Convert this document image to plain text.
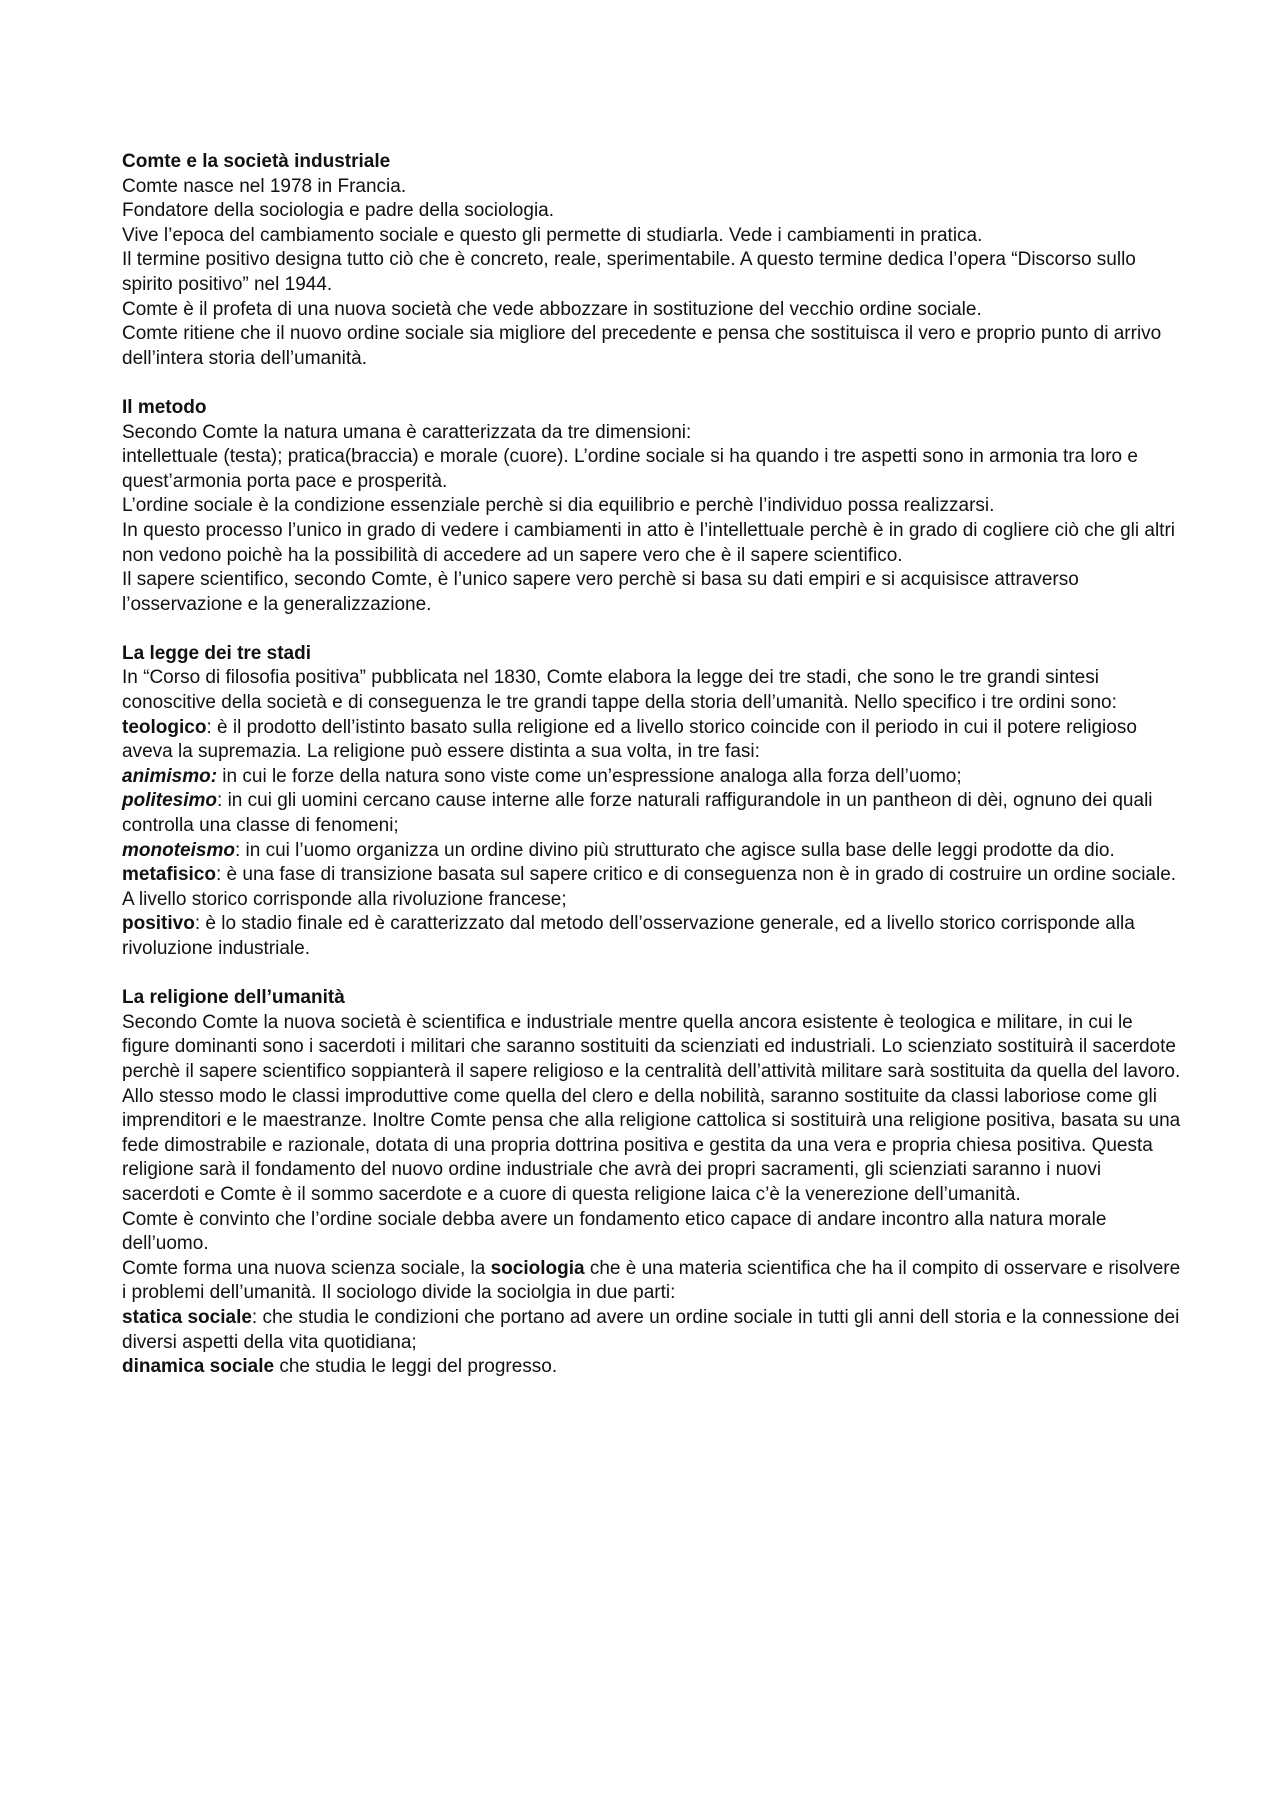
Comte e la società industriale

Comte nasce nel 1978 in Francia.

Fondatore della sociologia e padre della sociologia.

Vive l’epoca del cambiamento sociale e questo gli permette di studiarla. Vede i cambiamenti in pratica.

Il termine positivo designa tutto ciò che è concreto, reale, sperimentabile. A questo termine dedica l’opera “Discorso sullo spirito positivo” nel 1944.

Comte è il profeta di una nuova società che vede abbozzare in sostituzione del vecchio ordine sociale.

Comte ritiene che il nuovo ordine sociale sia migliore del precedente e pensa che sostituisca il vero e proprio punto di arrivo dell’intera storia dell’umanità.

Il metodo

Secondo Comte la natura umana è caratterizzata da tre dimensioni:

intellettuale (testa); pratica(braccia) e morale (cuore). L’ordine sociale si ha quando i tre aspetti sono in armonia tra loro e quest’armonia porta pace e prosperità.

L’ordine sociale è la condizione essenziale perchè si dia equilibrio e perchè l’individuo possa realizzarsi.

In questo processo l’unico in grado di vedere i cambiamenti in atto è l’intellettuale perchè è in grado di cogliere ciò che gli altri non vedono poichè ha la possibilità di accedere ad un sapere vero che è il sapere scientifico.

Il sapere scientifico, secondo Comte, è l’unico sapere vero perchè si basa su dati empiri e si acquisisce attraverso l’osservazione e la generalizzazione.

La legge dei tre stadi

In “Corso di filosofia positiva” pubblicata nel 1830, Comte elabora la legge dei tre stadi, che sono le tre grandi sintesi conoscitive della società e di conseguenza le tre grandi tappe della storia dell’umanità. Nello specifico i tre ordini sono:

teologico: è il prodotto dell’istinto basato sulla religione ed a livello storico coincide con il periodo in cui il potere religioso aveva la supremazia. La religione può essere distinta a sua volta, in tre fasi:

animismo: in cui le forze della natura sono viste come un’espressione analoga alla forza dell’uomo;

politesimo: in cui gli uomini cercano cause interne alle forze naturali raffigurandole in un pantheon di dèi, ognuno dei quali controlla una classe di fenomeni;

monoteismo: in cui l’uomo organizza un ordine divino più strutturato che agisce sulla base delle leggi prodotte da dio.

metafisico: è una fase di transizione basata sul sapere critico e di conseguenza non è in grado di costruire un ordine sociale. A livello storico corrisponde alla rivoluzione francese;

positivo: è lo stadio finale ed è caratterizzato dal metodo dell’osservazione generale, ed a livello storico corrisponde alla rivoluzione industriale.

La religione dell’umanità

Secondo Comte la nuova società è scientifica e industriale mentre quella ancora esistente è teologica e militare, in cui le figure dominanti sono i sacerdoti i militari che saranno sostituiti da scienziati ed industriali. Lo scienziato sostituirà il sacerdote perchè il sapere scientifico soppianterà il sapere religioso e la centralità dell’attività militare sarà sostituita da quella del lavoro. Allo stesso modo le classi improduttive come quella del clero e della nobilità, saranno sostituite da classi laboriose come gli imprenditori e le maestranze. Inoltre Comte pensa che alla religione cattolica si sostituirà una religione positiva, basata su una fede dimostrabile e razionale, dotata di una propria dottrina positiva e gestita da una vera e propria chiesa positiva. Questa religione sarà il fondamento del nuovo ordine industriale che avrà dei propri sacramenti, gli scienziati saranno i nuovi sacerdoti e Comte è il sommo sacerdote e a cuore di questa religione laica c’è la venerezione dell’umanità.

Comte è convinto che l’ordine sociale debba avere un fondamento etico capace di andare incontro alla natura morale dell’uomo.

Comte forma una nuova scienza sociale, la sociologia che è una materia scientifica che ha il compito di osservare e risolvere i problemi dell’umanità. Il sociologo divide la sociolgia in due parti:

statica sociale: che studia le condizioni che portano ad avere un ordine sociale in tutti gli anni dell storia e la connessione dei diversi aspetti della vita quotidiana;

dinamica sociale che studia le leggi del progresso.
